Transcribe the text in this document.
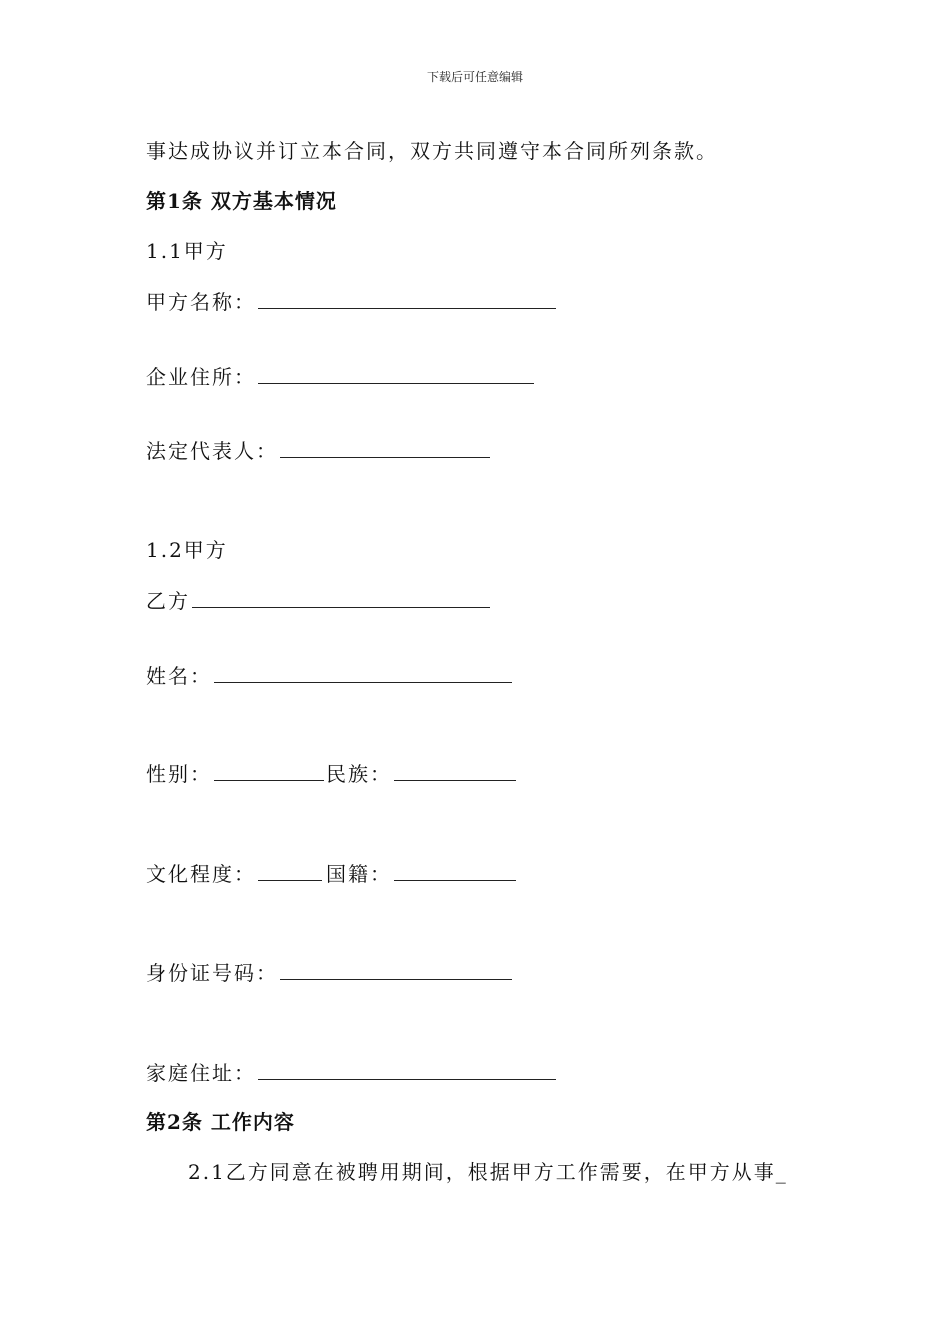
下载后可任意编辑
事达成协议并订立本合同，双方共同遵守本合同所列条款。
第1条 双方基本情况
1.1甲方
甲方名称：
企业住所：
法定代表人：
1.2甲方
乙方
姓名：
性别：	民族：
文化程度：	国籍：
身份证号码：
家庭住址：
第2条 工作内容
2.1乙方同意在被聘用期间，根据甲方工作需要，在甲方从事_
